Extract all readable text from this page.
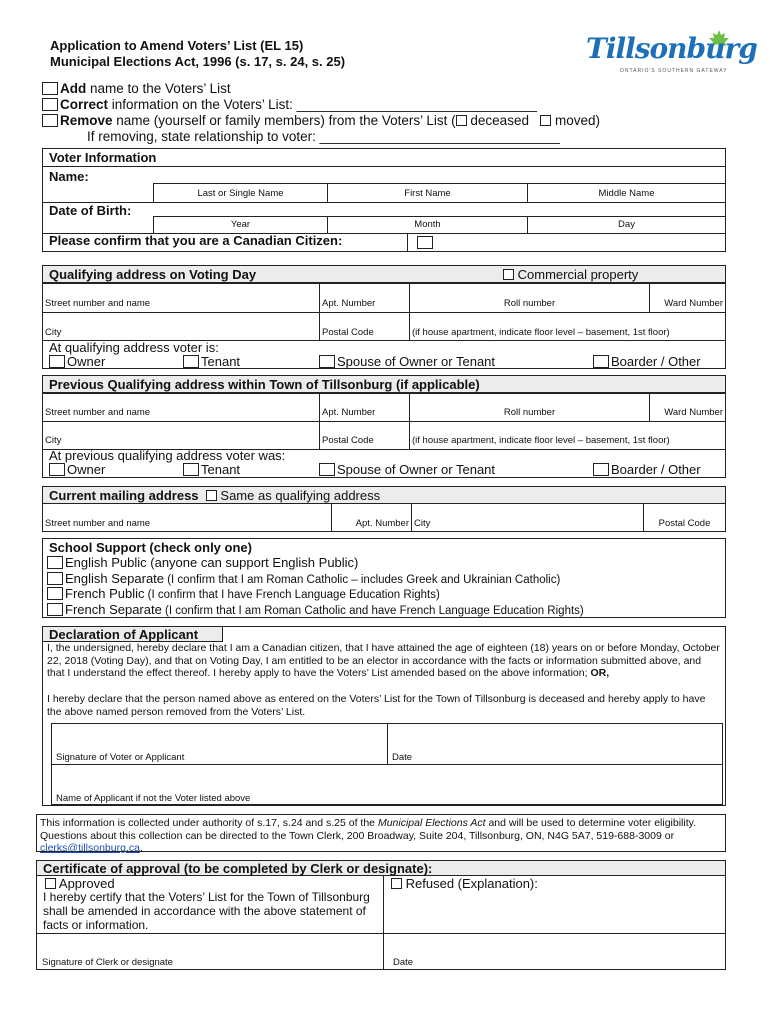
Application to Amend Voters’ List (EL 15)
Municipal Elections Act, 1996 (s. 17, s. 24, s. 25)	Tillsonburg
ONTARIO'S SOUTHERN GATEWAY
Add name to the Voters’ List
Correct information on the Voters’ List: ________________________________
Remove name (yourself or family members) from the Voters’ List ( deceased moved)
If removing, state relationship to voter: ________________________________
Voter Information
Name:
Last or Single Name	First Name	Middle Name
Date of Birth:
Year	Month	Day
Please confirm that you are a Canadian Citizen:
Qualifying address on Voting Day	Commercial property
Street number and name	Apt. Number	Roll number	Ward Number
City	Postal Code	(if house apartment, indicate floor level – basement, 1st floor)
At qualifying address voter is:
Owner	Tenant	Spouse of Owner or Tenant	Boarder / Other
Previous Qualifying address within Town of Tillsonburg (if applicable)
Street number and name	Apt. Number	Roll number	Ward Number
City	Postal Code	(if house apartment, indicate floor level – basement, 1st floor)
At previous qualifying address voter was:
Owner	Tenant	Spouse of Owner or Tenant	Boarder / Other
Current mailing address Same as qualifying address
Street number and name	Apt. Number City	Postal Code
School Support (check only one)
English Public (anyone can support English Public)
English Separate (I confirm that I am Roman Catholic – includes Greek and Ukrainian Catholic)
French Public (I confirm that I have French Language Education Rights)
French Separate (I confirm that I am Roman Catholic and have French Language Education Rights)
Declaration of Applicant
I, the undersigned, hereby declare that I am a Canadian citizen, that I have attained the age of eighteen (18) years on or before Monday, October 22, 2018 (Voting Day), and that on Voting Day, I am entitled to be an elector in accordance with the facts or information submitted above, and that I understand the effect thereof. I hereby apply to have the Voters’ List amended based on the above information; OR,
I hereby declare that the person named above as entered on the Voters’ List for the Town of Tillsonburg is deceased and hereby apply to have the above named person removed from the Voters’ List.
Signature of Voter or Applicant	Date
Name of Applicant if not the Voter listed above
This information is collected under authority of s.17, s.24 and s.25 of the Municipal Elections Act and will be used to determine voter eligibility. Questions about this collection can be directed to the Town Clerk, 200 Broadway, Suite 204, Tillsonburg, ON, N4G 5A7, 519-688-3009 or clerks@tillsonburg.ca.
Certificate of approval (to be completed by Clerk or designate):
Approved
I hereby certify that the Voters’ List for the Town of Tillsonburg shall be amended in accordance with the above statement of facts or information.
Refused (Explanation):
Signature of Clerk or designate	Date
